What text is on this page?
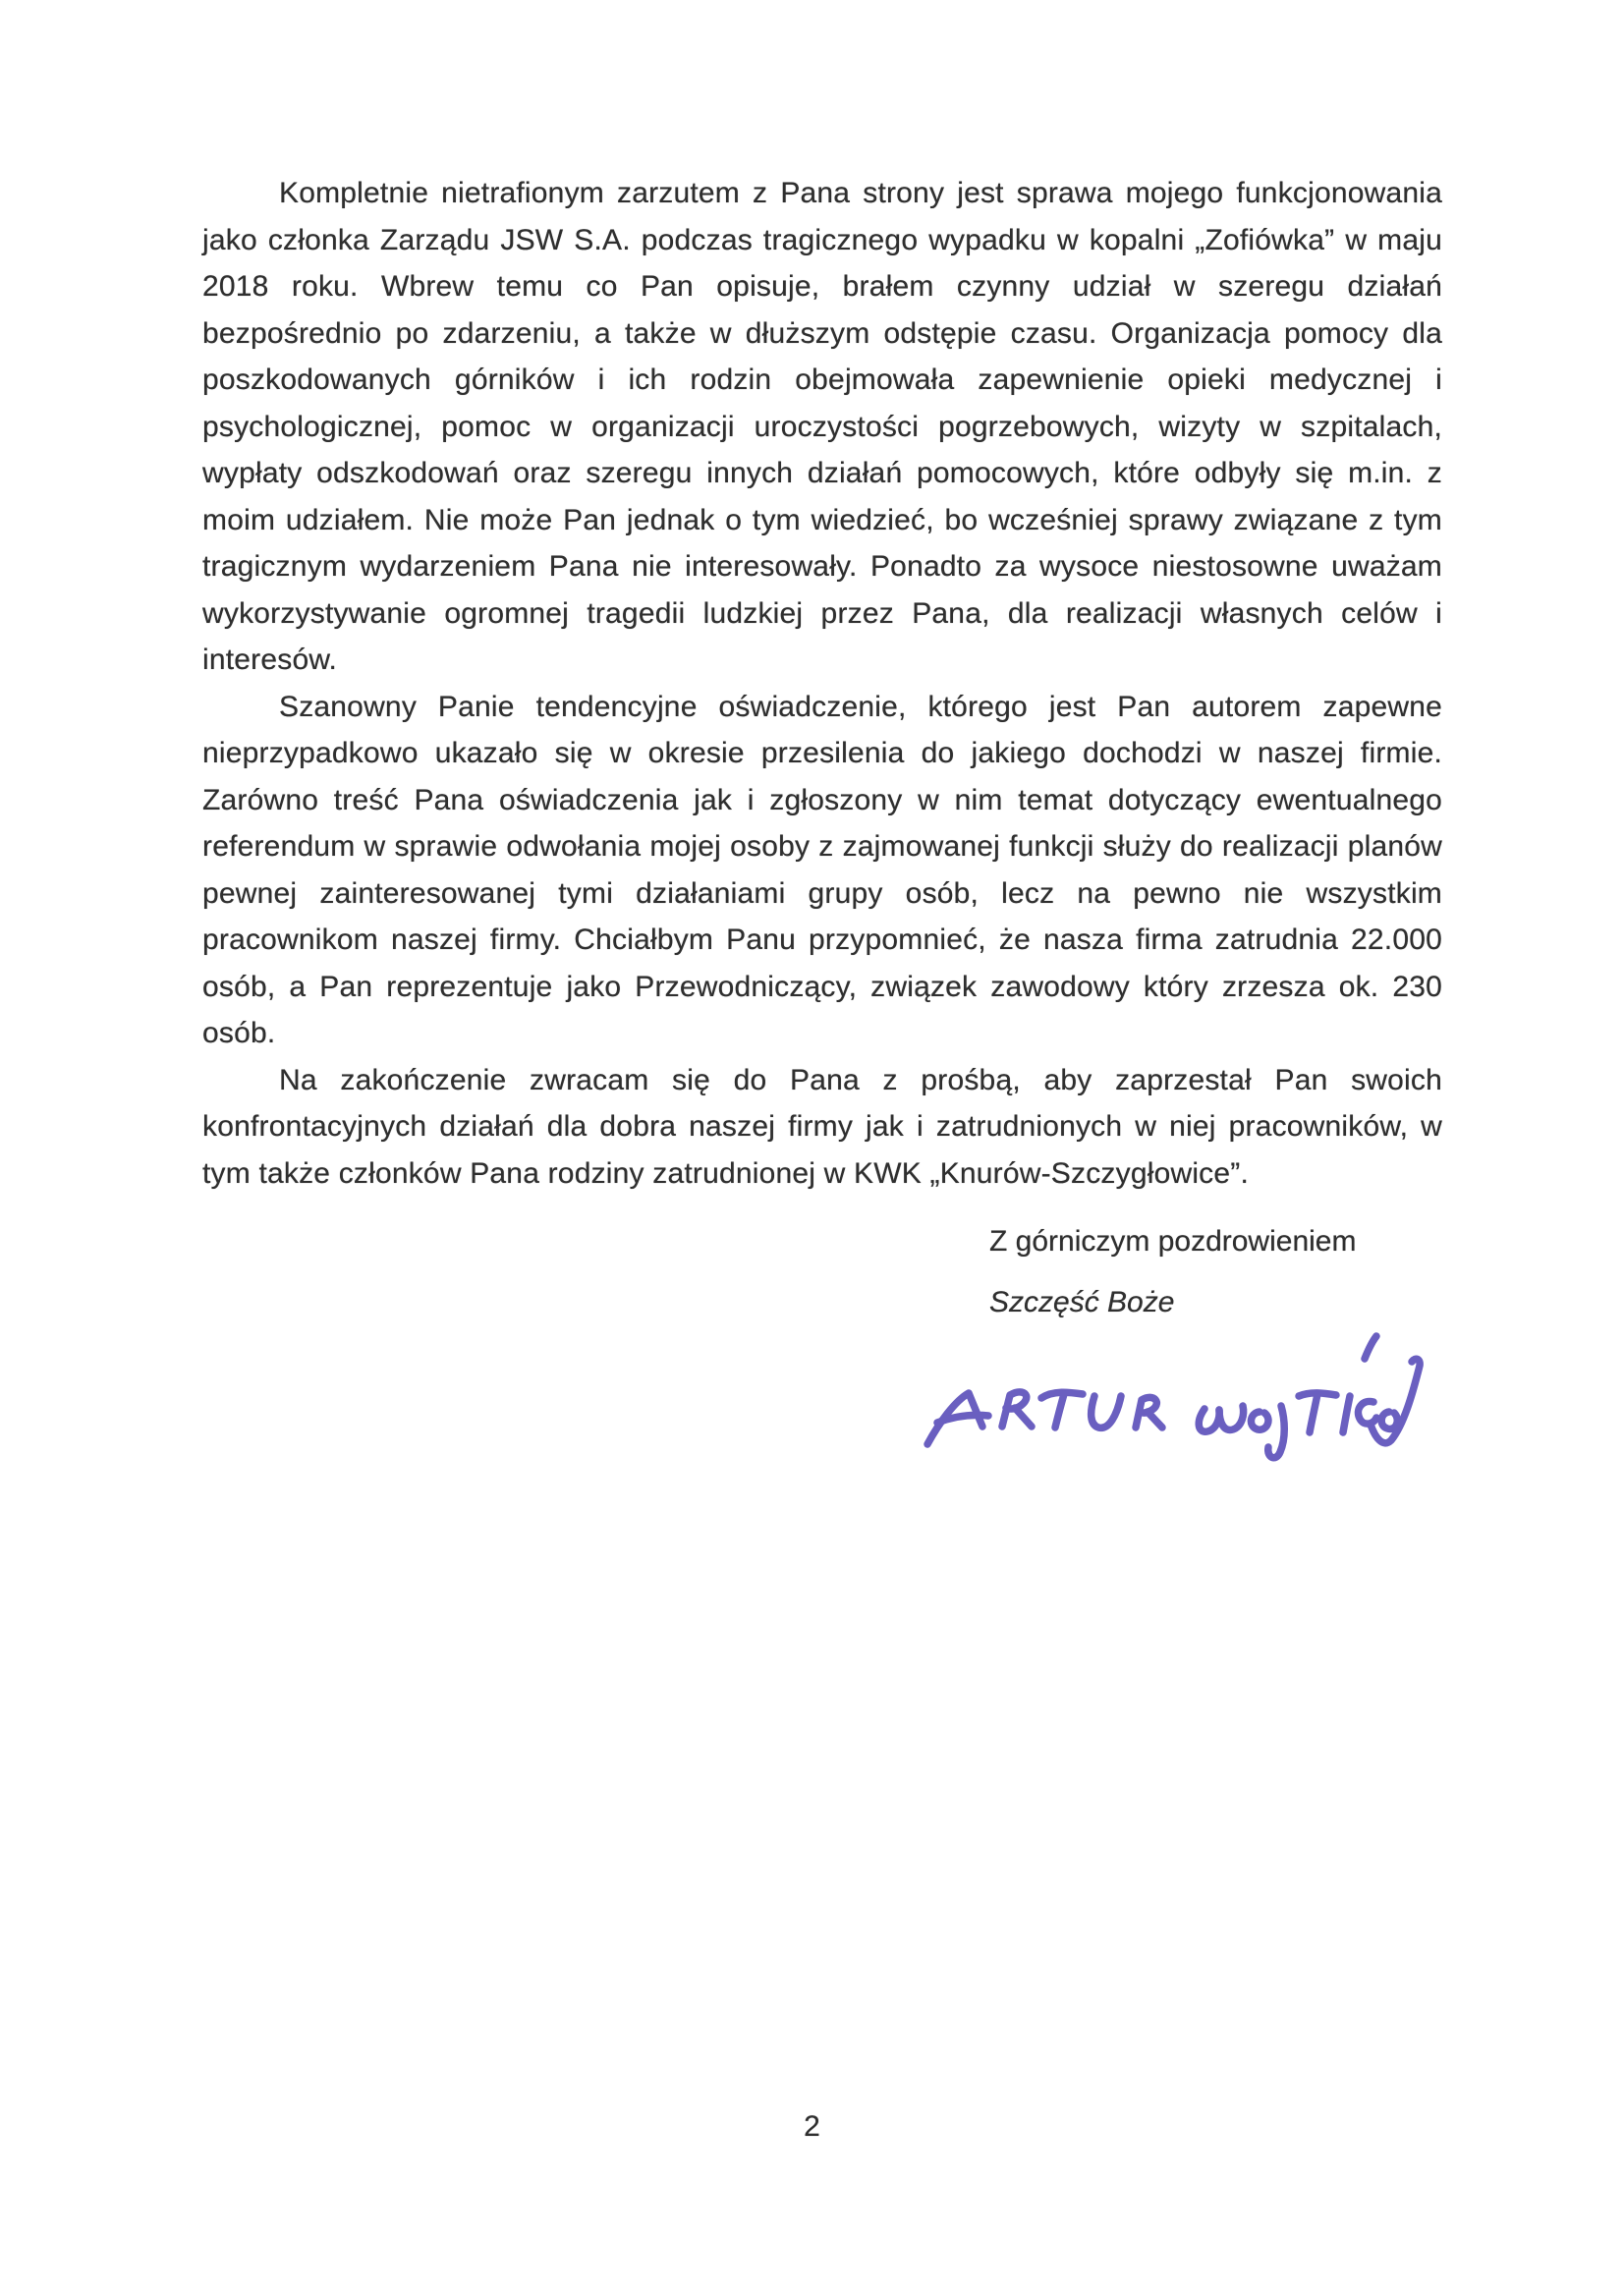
Kompletnie nietrafionym zarzutem z Pana strony jest sprawa mojego funkcjonowania jako członka Zarządu JSW S.A. podczas tragicznego wypadku w kopalni „Zofiówka” w maju 2018 roku. Wbrew temu co Pan opisuje, brałem czynny udział w szeregu działań bezpośrednio po zdarzeniu, a także w dłuższym odstępie czasu. Organizacja pomocy dla poszkodowanych górników i ich rodzin obejmowała zapewnienie opieki medycznej i psychologicznej, pomoc w organizacji uroczystości pogrzebowych, wizyty w szpitalach, wypłaty odszkodowań oraz szeregu innych działań pomocowych, które odbyły się m.in. z moim udziałem. Nie może Pan jednak o tym wiedzieć, bo wcześniej sprawy związane z tym tragicznym wydarzeniem Pana nie interesowały. Ponadto za wysoce niestosowne uważam wykorzystywanie ogromnej tragedii ludzkiej przez Pana, dla realizacji własnych celów i interesów.

Szanowny Panie tendencyjne oświadczenie, którego jest Pan autorem zapewne nieprzypadkowo ukazało się w okresie przesilenia do jakiego dochodzi w naszej firmie. Zarówno treść Pana oświadczenia jak i zgłoszony w nim temat dotyczący ewentualnego referendum w sprawie odwołania mojej osoby z zajmowanej funkcji służy do realizacji planów pewnej zainteresowanej tymi działaniami grupy osób, lecz na pewno nie wszystkim pracownikom naszej firmy. Chciałbym Panu przypomnieć, że nasza firma zatrudnia 22.000 osób, a Pan reprezentuje jako Przewodniczący, związek zawodowy który zrzesza ok. 230 osób.

Na zakończenie zwracam się do Pana z prośbą, aby zaprzestał Pan swoich konfrontacyjnych działań dla dobra naszej firmy jak i zatrudnionych w niej pracowników, w tym także członków Pana rodziny zatrudnionej w KWK „Knurów-Szczygłowice”.

Z górniczym pozdrowieniem
Szczęść Boże
2
